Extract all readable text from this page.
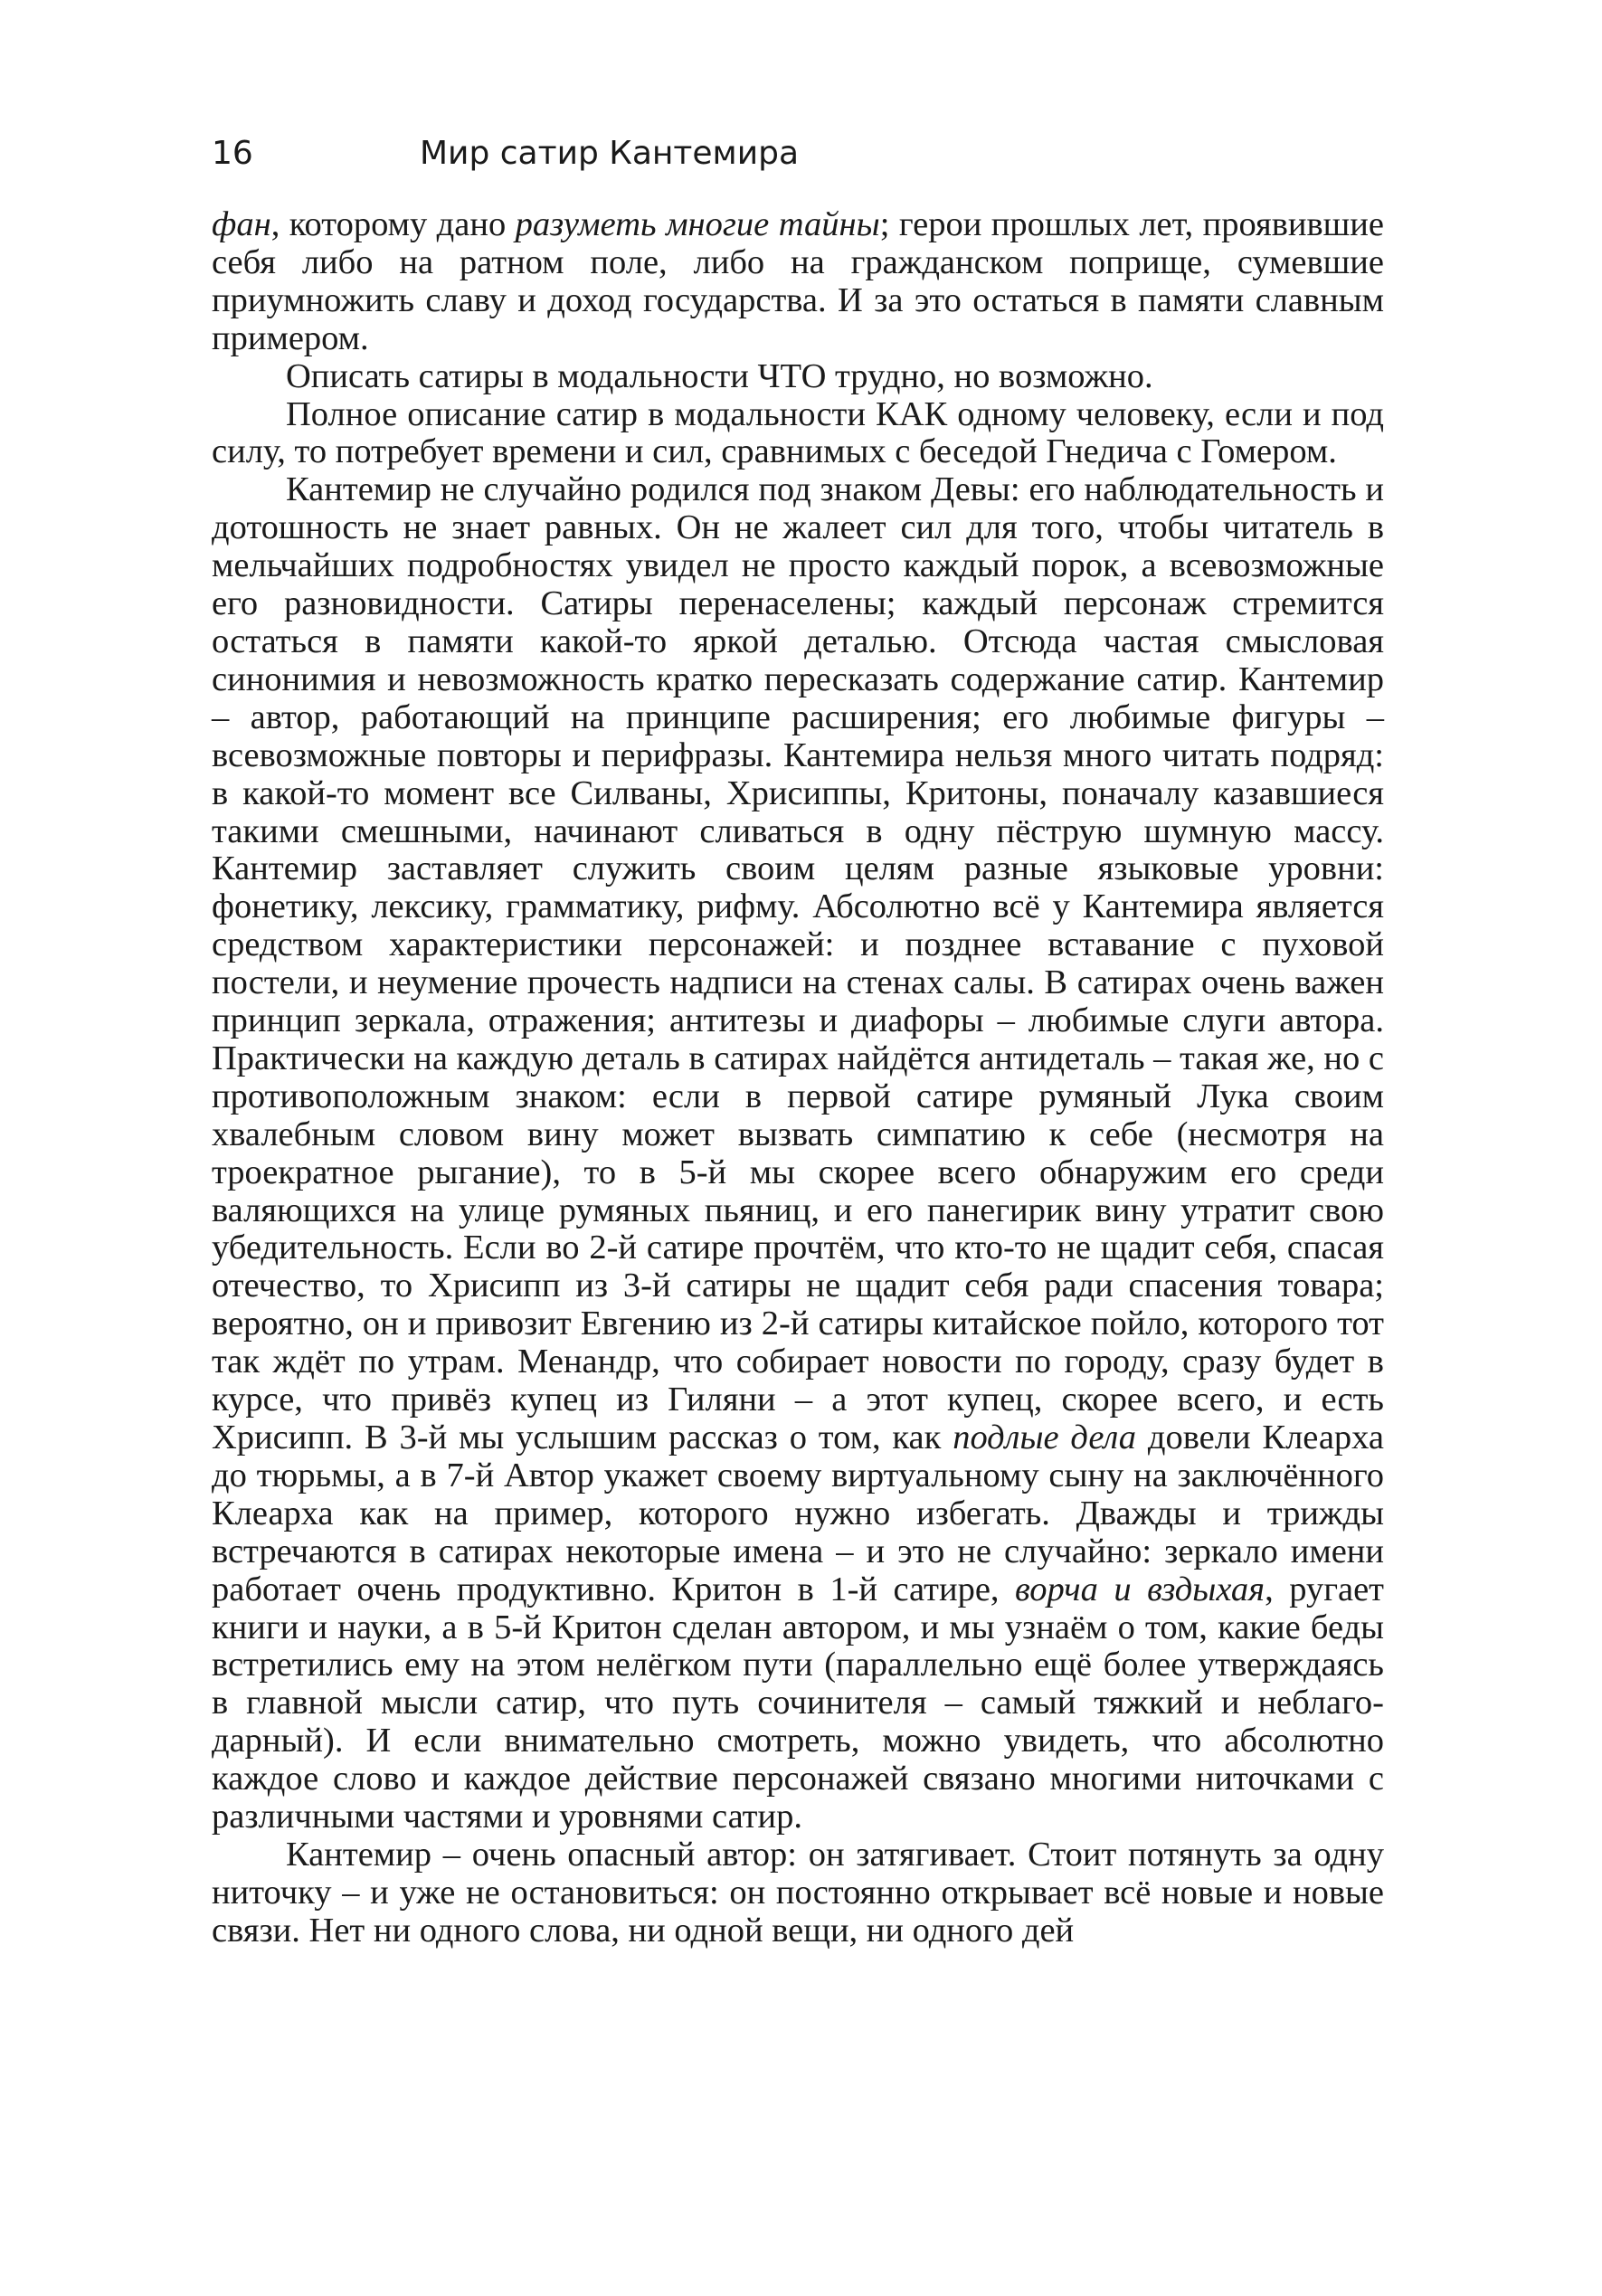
16	Мир сатир Кантемира

фан, которому дано разуметь многие тайны; герои прошлых лет, проявившие себя либо на ратном поле, либо на гражданском поприще, сумевшие приумножить славу и доход государства. И за это остаться в памяти славным примером.

Описать сатиры в модальности ЧТО трудно, но возможно.

Полное описание сатир в модальности КАК одному человеку, если и под силу, то потребует времени и сил, сравнимых с беседой Гнедича с Гомером.

Кантемир не случайно родился под знаком Девы: его наблюдательность и дотошность не знает равных. Он не жалеет сил для того, чтобы читатель в мельчайших подробностях увидел не просто каждый порок, а всевозможные его разновидности. Сатиры перенаселены; каждый персонаж стремится остаться в памяти какой-то яркой деталью. Отсюда частая смысловая синонимия и невозможность кратко пересказать содержание сатир. Кантемир – автор, работающий на принципе расширения; его любимые фигуры – всевозможные повторы и перифразы. Кантемира нельзя много читать подряд: в какой-то момент все Силваны, Хрисиппы, Критоны, поначалу казавшиеся такими смешными, начинают сливаться в одну пёструю шумную массу. Кантемир заставляет служить своим целям разные языковые уровни: фонетику, лексику, грамматику, рифму. Абсолютно всё у Кантемира является средством характеристики персонажей: и позднее вставание с пуховой постели, и неумение прочесть надписи на стенах салы. В сатирах очень важен принцип зеркала, отражения; антитезы и диафоры – любимые слуги автора. Практически на каждую деталь в сатирах найдётся антидеталь – такая же, но с противоположным знаком: если в первой сатире румяный Лука своим хвалебным словом вину может вызвать симпатию к себе (несмотря на троекратное рыгание), то в 5-й мы скорее всего обнаружим его среди валяющихся на улице румяных пьяниц, и его панегирик вину утратит свою убедительность. Если во 2-й сатире прочтём, что кто-то не щадит себя, спасая отечество, то Хрисипп из 3-й сатиры не щадит себя ради спасения товара; вероятно, он и привозит Евгению из 2-й сатиры китайское пойло, которого тот так ждёт по утрам. Менандр, что собирает новости по городу, сразу будет в курсе, что привёз купец из Гиляни – а этот купец, скорее всего, и есть Хрисипп. В 3-й мы услышим рассказ о том, как подлые дела довели Клеарха до тюрьмы, а в 7-й Автор укажет своему виртуальному сыну на заключённого Клеарха как на пример, которого нужно избегать. Дважды и трижды встречаются в сатирах некоторые имена – и это не случайно: зеркало имени работает очень продуктивно. Критон в 1-й сатире, ворча и вздыхая, ругает книги и науки, а в 5-й Критон сделан автором, и мы узнаём о том, какие беды встретились ему на этом нелёгком пути (параллельно ещё более утверждаясь в главной мысли сатир, что путь сочинителя – самый тяжкий и неблагодарный). И если внимательно смотреть, можно увидеть, что абсолютно каждое слово и каждое действие персонажей связано многими ниточками с различными частями и уровнями сатир.

Кантемир – очень опасный автор: он затягивает. Стоит потянуть за одну ниточку – и уже не остановиться: он постоянно открывает всё новые и новые связи. Нет ни одного слова, ни одной вещи, ни одного дей
